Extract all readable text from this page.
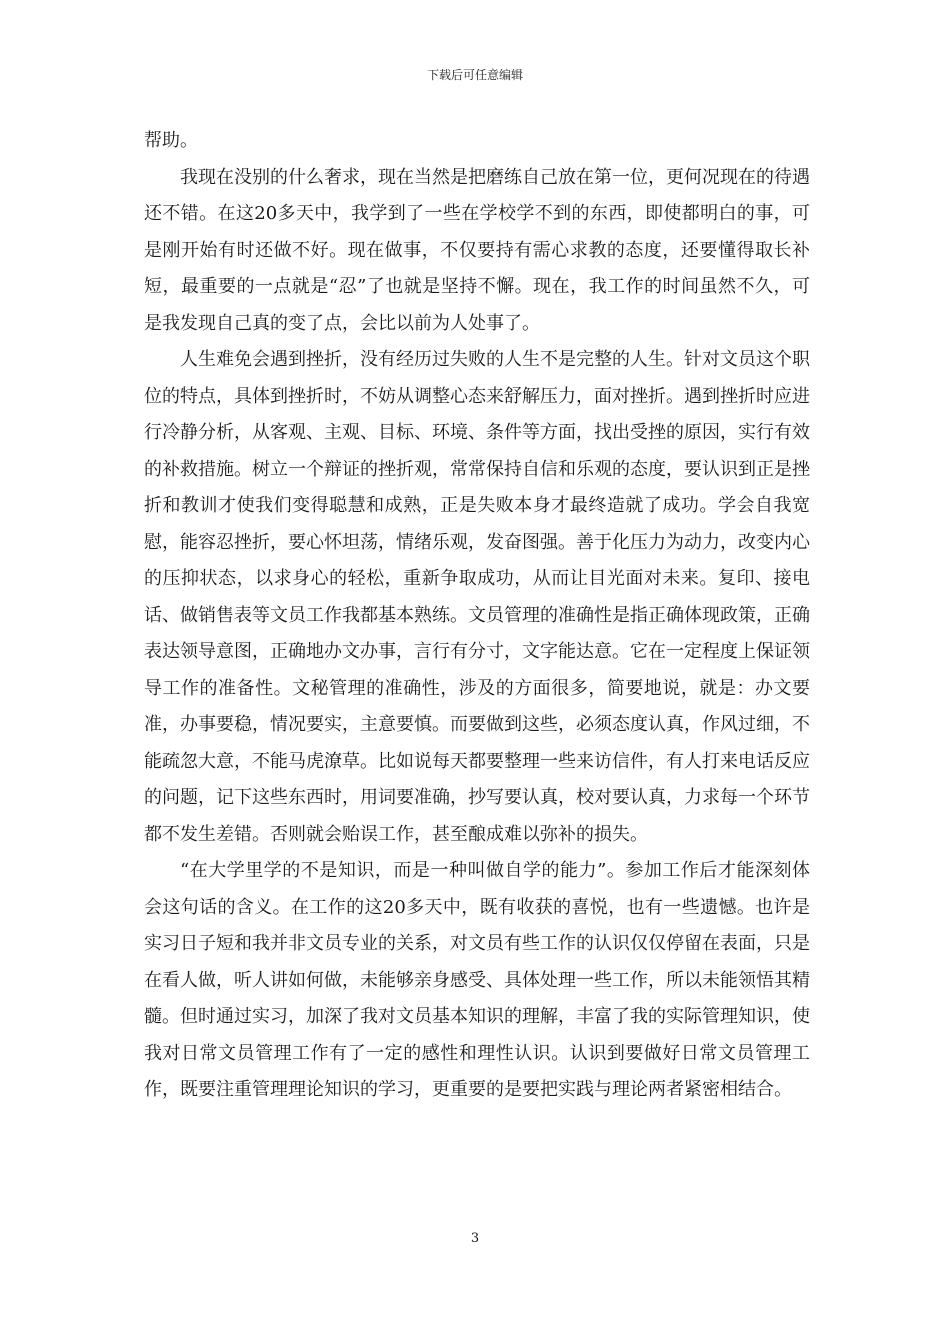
下载后可任意编辑

帮助。

我现在没别的什么奢求，现在当然是把磨练自己放在第一位，更何况现在的待遇还不错。在这20多天中，我学到了一些在学校学不到的东西，即使都明白的事，可是刚开始有时还做不好。现在做事，不仅要持有需心求教的态度，还要懂得取长补短，最重要的一点就是“忍”了也就是坚持不懈。现在，我工作的时间虽然不久，可是我发现自己真的变了点，会比以前为人处事了。

人生难免会遇到挫折，没有经历过失败的人生不是完整的人生。针对文员这个职位的特点，具体到挫折时，不妨从调整心态来舒解压力，面对挫折。遇到挫折时应进行冷静分析，从客观、主观、目标、环境、条件等方面，找出受挫的原因，实行有效的补救措施。树立一个辩证的挫折观，常常保持自信和乐观的态度，要认识到正是挫折和教训才使我们变得聪慧和成熟，正是失败本身才最终造就了成功。学会自我宽慰，能容忍挫折，要心怀坦荡，情绪乐观，发奋图强。善于化压力为动力，改变内心的压抑状态，以求身心的轻松，重新争取成功，从而让目光面对未来。复印、接电话、做销售表等文员工作我都基本熟练。文员管理的准确性是指正确体现政策，正确表达领导意图，正确地办文办事，言行有分寸，文字能达意。它在一定程度上保证领导工作的准备性。文秘管理的准确性，涉及的方面很多，简要地说，就是：办文要准，办事要稳，情况要实，主意要慎。而要做到这些，必须态度认真，作风过细，不能疏忽大意，不能马虎潦草。比如说每天都要整理一些来访信件，有人打来电话反应的问题，记下这些东西时，用词要准确，抄写要认真，校对要认真，力求每一个环节都不发生差错。否则就会贻误工作，甚至酿成难以弥补的损失。

“在大学里学的不是知识，而是一种叫做自学的能力”。参加工作后才能深刻体会这句话的含义。在工作的这20多天中，既有收获的喜悦，也有一些遗憾。也许是实习日子短和我并非文员专业的关系，对文员有些工作的认识仅仅停留在表面，只是在看人做，听人讲如何做，未能够亲身感受、具体处理一些工作，所以未能领悟其精髓。但时通过实习，加深了我对文员基本知识的理解，丰富了我的实际管理知识，使我对日常文员管理工作有了一定的感性和理性认识。认识到要做好日常文员管理工作，既要注重管理理论知识的学习，更重要的是要把实践与理论两者紧密相结合。

3
